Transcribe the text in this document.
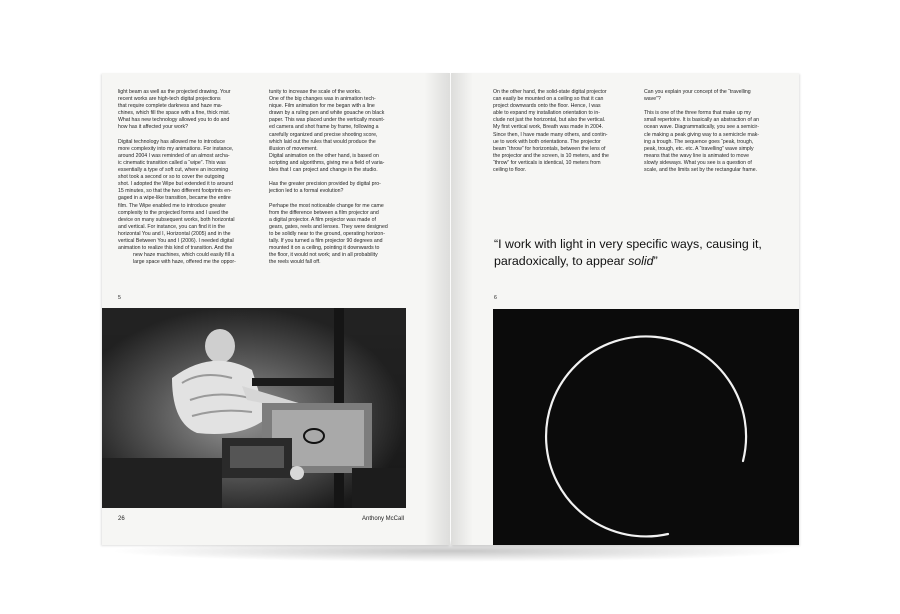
light beam as well as the projected drawing. Your
recent works are high-tech digital projections
that require complete darkness and haze ma-
chines, which fill the space with a fine, thick mist.
What has new technology allowed you to do and
how has it affected your work?

Digital technology has allowed me to introduce
more complexity into my animations. For instance,
around 2004 I was reminded of an almost archa-
ic cinematic transition called a “wipe”. This was
essentially a type of soft cut, where an incoming
shot took a second or so to cover the outgoing
shot. I adopted the Wipe but extended it to around
15 minutes, so that the two different footprints en-
gaged in a wipe-like transition, became the entire
film. The Wipe enabled me to introduce greater
complexity to the projected forms and I used the
device on many subsequent works, both horizontal
and vertical. For instance, you can find it in the
horizontal You and I, Horizontal (2005) and in the
vertical Between You and I (2006). I needed digital
animation to realize this kind of transition. And the
new haze machines, which could easily fill a
large space with haze, offered me the oppor-

5

tunity to increase the scale of the works.
One of the big changes was in animation tech-
nique. Film animation for me began with a line
drawn by a ruling pen and white gouache on black
paper. This was placed under the vertically mount-
ed camera and shot frame by frame, following a
carefully organized and precise shooting score,
which laid out the rules that would produce the
illusion of movement.
Digital animation on the other hand, is based on
scripting and algorithms, giving me a field of varia-
bles that I can project and change in the studio.

Has the greater precision provided by digital pro-
jection led to a formal evolution?

Perhape the most noticeable change for me came
from the difference between a film projector and
a digital projector. A film projector was made of
gears, gates, reels and lenses. They were designed
to be solidly near to the ground, operating horizon-
tally. If you turned a film projector 90 degrees and
mounted it on a ceiling, pointing it downwards to
the floor, it would not work; and in all probability
the reels would fall off.

26	Anthony McCall

On the other hand, the solid-state digital projector
can easily be mounted on a ceiling so that it can
project downwards onto the floor. Hence, I was
able to expand my installation orientation to in-
clude not just the horizontal, but also the vertical.
My first vertical work, Breath was made in 2004.
Since then, I have made many others, and contin-
ue to work with both orientations. The projector
beam “throw” for horizontals, between the lens of
the projector and the screen, is 10 meters, and the
“throw” for verticals is identical, 10 meters from
ceiling to floor.

Can you explain your concept of the “travelling
wave”?

This is one of the three forms that make up my
small repertoire. It is basically an abstraction of an
ocean wave. Diagrammatically, you see a semicir-
cle making a peak giving way to a semicircle mak-
ing a trough. The sequence goes “peak, trough,
peak, trough, etc. etc. A “travelling” wave simply
means that the wavy line is animated to move
slowly sideways. What you see is a question of
scale, and the limits set by the rectangular frame.

“I work with light in very specific ways, causing it,
paradoxically, to appear solid”
6
